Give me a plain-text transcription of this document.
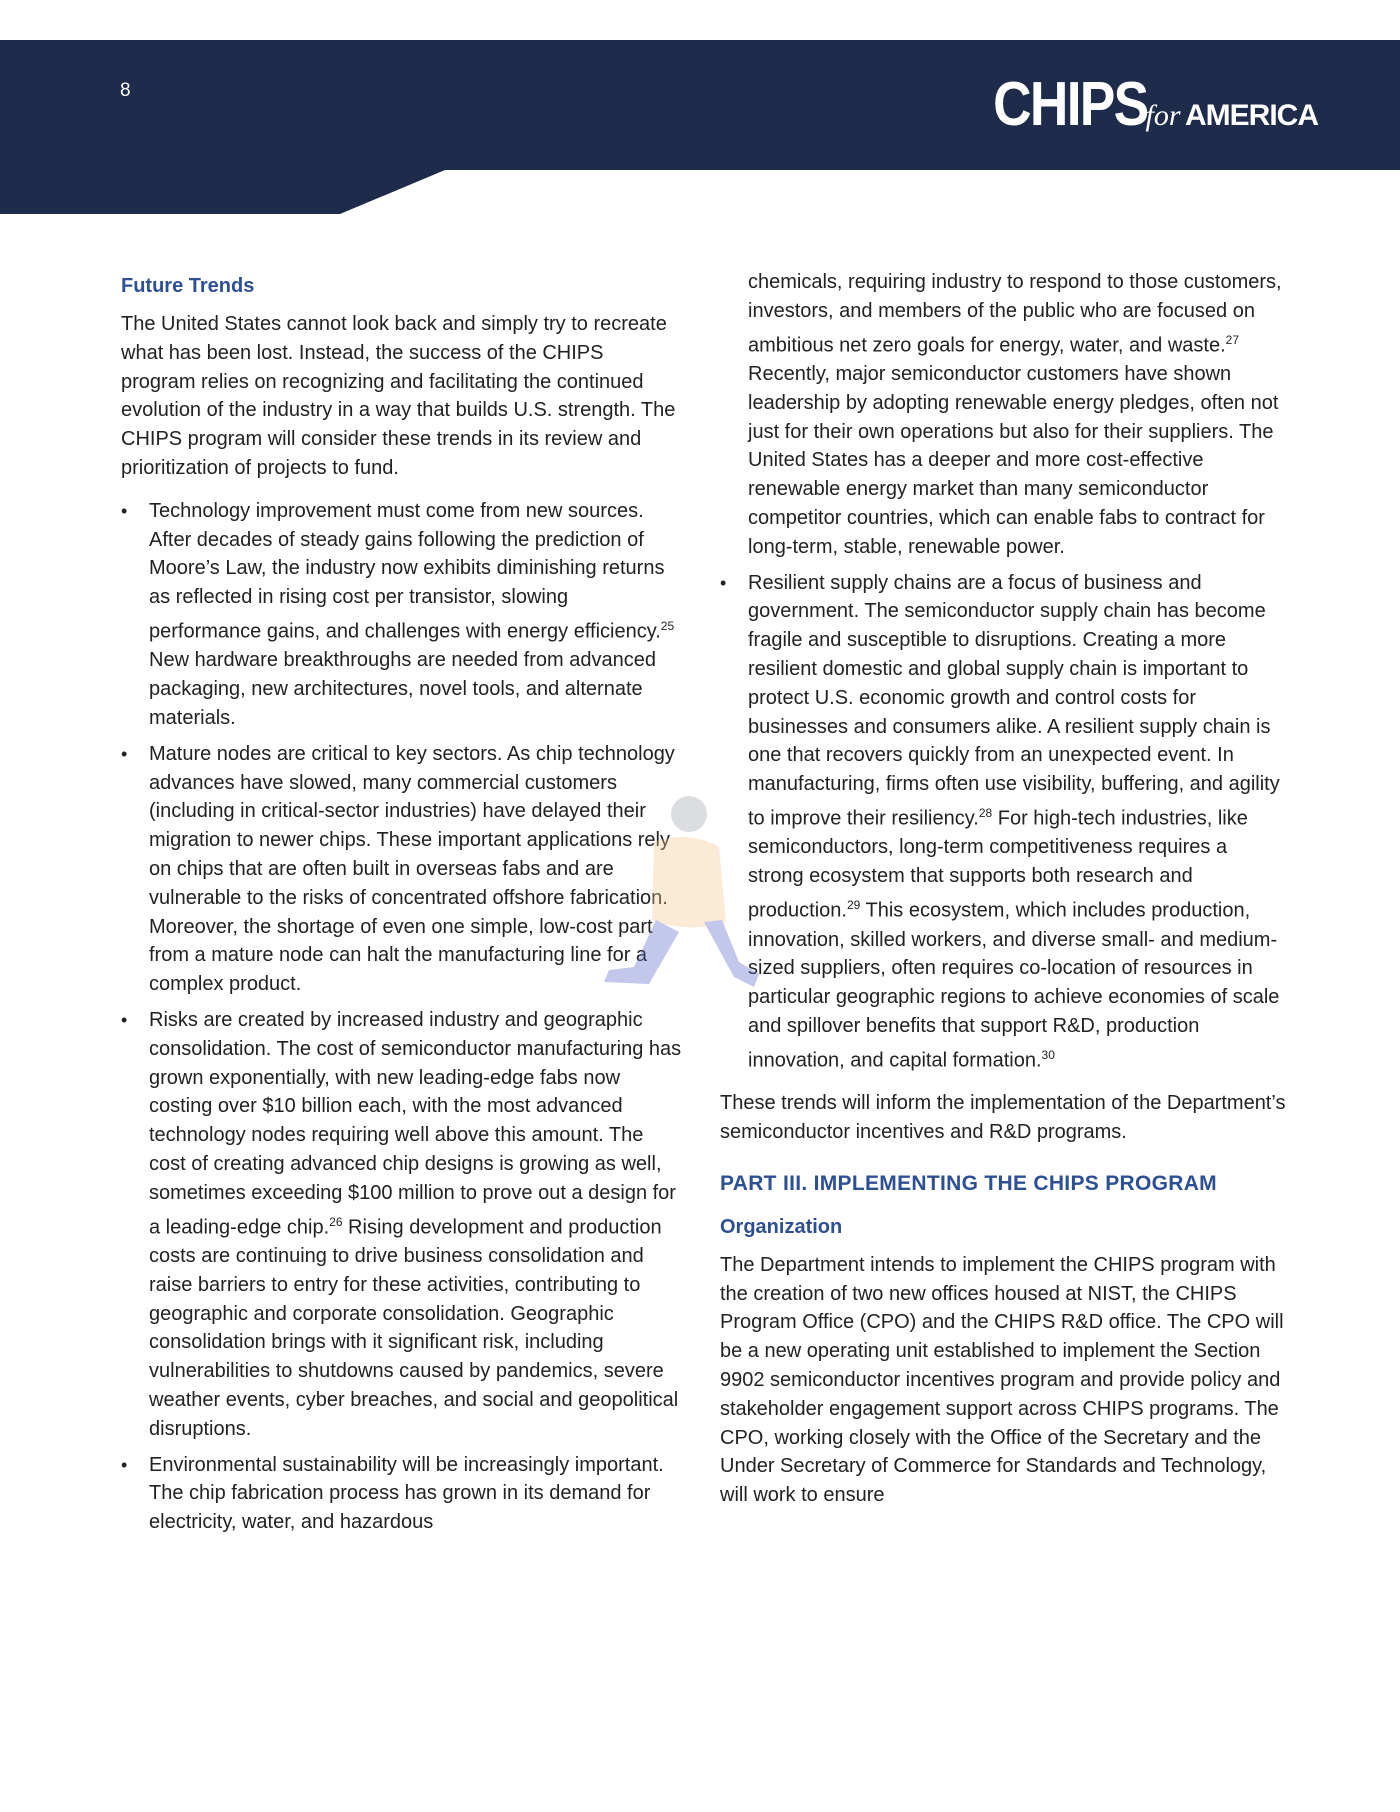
8	CHIPS for AMERICA
Future Trends

The United States cannot look back and simply try to recreate what has been lost. Instead, the success of the CHIPS program relies on recognizing and facilitating the continued evolution of the industry in a way that builds U.S. strength. The CHIPS program will consider these trends in its review and prioritization of projects to fund.

• Technology improvement must come from new sources. After decades of steady gains following the prediction of Moore’s Law, the industry now exhibits diminishing returns as reflected in rising cost per transistor, slowing performance gains, and challenges with energy efficiency.$^{25}$ New hardware breakthroughs are needed from advanced packaging, new architectures, novel tools, and alternate materials.
• Mature nodes are critical to key sectors. As chip technology advances have slowed, many commercial customers (including in critical-sector industries) have delayed their migration to newer chips. These important applications rely on chips that are often built in overseas fabs and are vulnerable to the risks of concentrated offshore fabrication. Moreover, the shortage of even one simple, low-cost part from a mature node can halt the manufacturing line for a complex product.
• Risks are created by increased industry and geographic consolidation. The cost of semiconductor manufacturing has grown exponentially, with new leading-edge fabs now costing over $10 billion each, with the most advanced technology nodes requiring well above this amount. The cost of creating advanced chip designs is growing as well, sometimes exceeding $100 million to prove out a design for a leading-edge chip.$^{26}$ Rising development and production costs are continuing to drive business consolidation and raise barriers to entry for these activities, contributing to geographic and corporate consolidation. Geographic consolidation brings with it significant risk, including vulnerabilities to shutdowns caused by pandemics, severe weather events, cyber breaches, and social and geopolitical disruptions.
• Environmental sustainability will be increasingly important. The chip fabrication process has grown in its demand for electricity, water, and hazardous
chemicals, requiring industry to respond to those customers, investors, and members of the public who are focused on ambitious net zero goals for energy, water, and waste.$^{27}$ Recently, major semiconductor customers have shown leadership by adopting renewable energy pledges, often not just for their own operations but also for their suppliers. The United States has a deeper and more cost-effective renewable energy market than many semiconductor competitor countries, which can enable fabs to contract for long-term, stable, renewable power.
• Resilient supply chains are a focus of business and government. The semiconductor supply chain has become fragile and susceptible to disruptions. Creating a more resilient domestic and global supply chain is important to protect U.S. economic growth and control costs for businesses and consumers alike. A resilient supply chain is one that recovers quickly from an unexpected event. In manufacturing, firms often use visibility, buffering, and agility to improve their resiliency.$^{28}$ For high-tech industries, like semiconductors, long-term competitiveness requires a strong ecosystem that supports both research and production.$^{29}$ This ecosystem, which includes production, innovation, skilled workers, and diverse small- and medium-sized suppliers, often requires co-location of resources in particular geographic regions to achieve economies of scale and spillover benefits that support R&D, production innovation, and capital formation.$^{30}$

These trends will inform the implementation of the Department’s semiconductor incentives and R&D programs.

PART III. IMPLEMENTING THE CHIPS PROGRAM
Organization

The Department intends to implement the CHIPS program with the creation of two new offices housed at NIST, the CHIPS Program Office (CPO) and the CHIPS R&D office. The CPO will be a new operating unit established to implement the Section 9902 semiconductor incentives program and provide policy and stakeholder engagement support across CHIPS programs. The CPO, working closely with the Office of the Secretary and the Under Secretary of Commerce for Standards and Technology, will work to ensure
